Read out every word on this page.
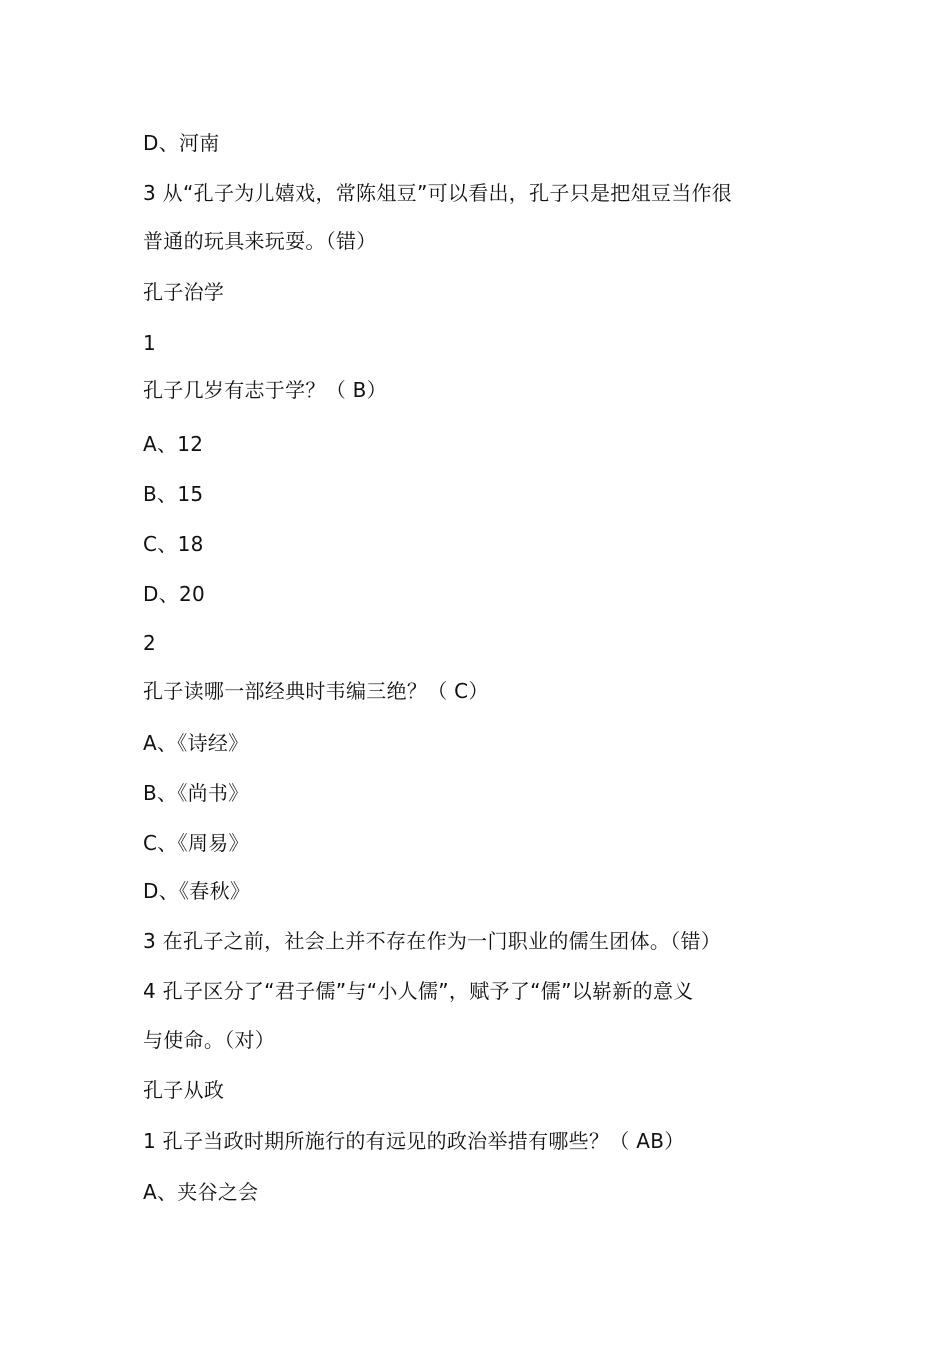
D、河南
3 从“孔子为儿嬉戏，常陈俎豆”可以看出，孔子只是把俎豆当作很
普通的玩具来玩耍。（错）
孔子治学
1
孔子几岁有志于学？（ B）
A、12
B、15
C、18
D、20
2
孔子读哪一部经典时韦编三绝？（ C）
A、《诗经》
B、《尚书》
C、《周易》
D、《春秋》
3 在孔子之前，社会上并不存在作为一门职业的儒生团体。（错）
4 孔子区分了“君子儒”与“小人儒”，赋予了“儒”以崭新的意义
与使命。（对）
孔子从政
1 孔子当政时期所施行的有远见的政治举措有哪些？（ AB）
A、夹谷之会
